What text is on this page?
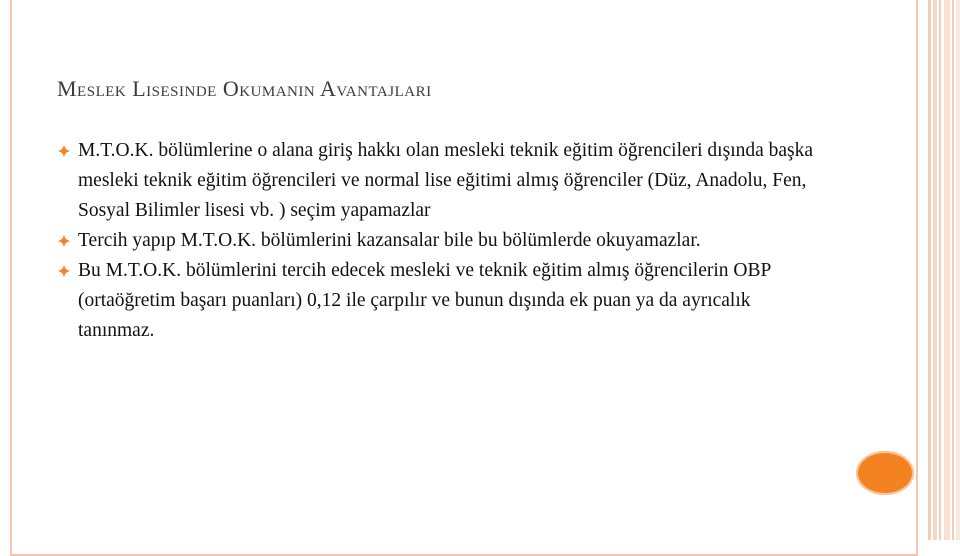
Meslek Lisesinde Okumanın Avantajları
M.T.O.K. bölümlerine o alana giriş hakkı olan mesleki teknik eğitim öğrencileri dışında başka mesleki teknik eğitim öğrencileri ve normal lise eğitimi almış öğrenciler (Düz, Anadolu, Fen, Sosyal Bilimler lisesi vb. ) seçim yapamazlar
Tercih yapıp M.T.O.K. bölümlerini kazansalar bile bu bölümlerde okuyamazlar.
Bu M.T.O.K. bölümlerini tercih edecek mesleki ve teknik eğitim almış öğrencilerin OBP (ortaöğretim başarı puanları) 0,12 ile çarpılır ve bunun dışında ek puan ya da ayrıcalık tanınmaz.
